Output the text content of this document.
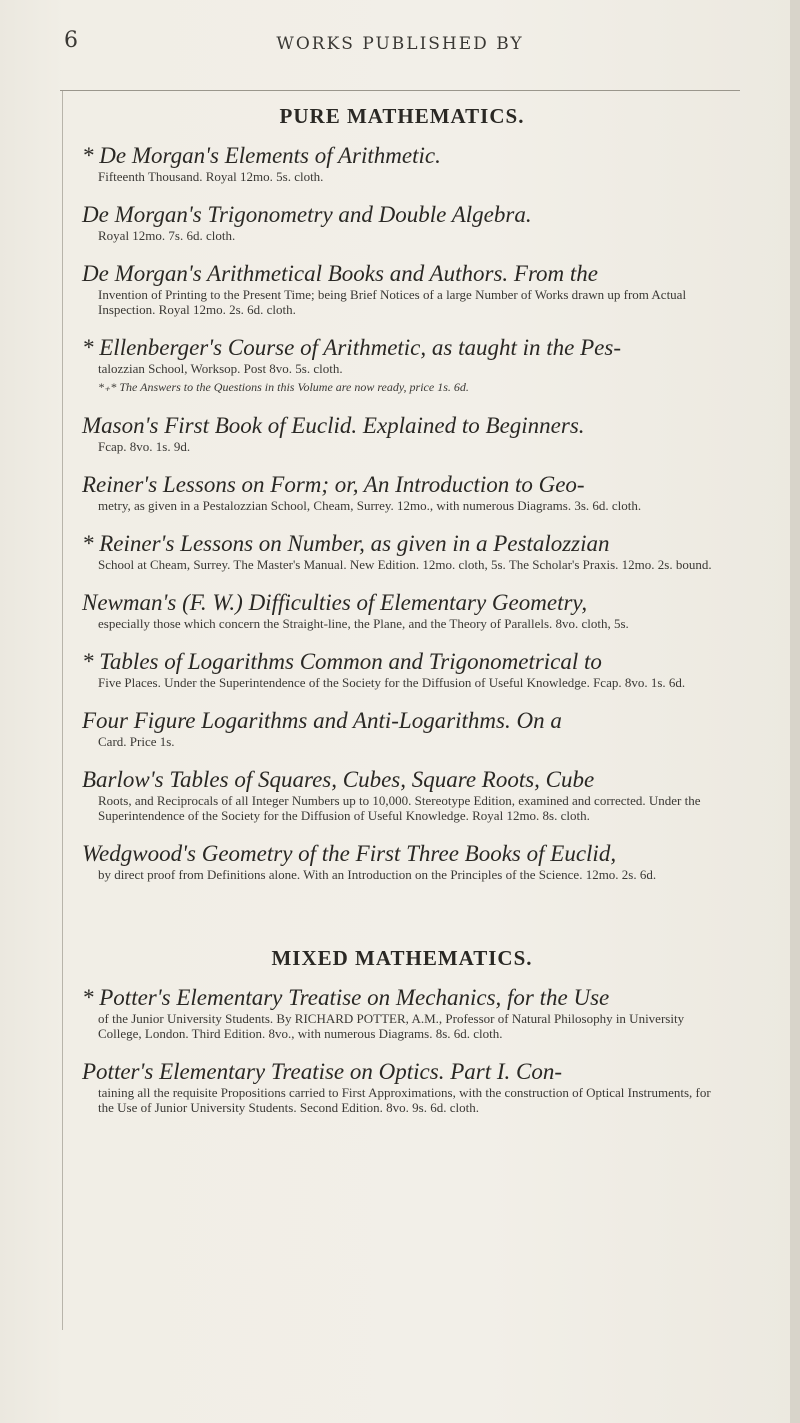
6	WORKS PUBLISHED BY
PURE MATHEMATICS.
* De Morgan's Elements of Arithmetic.
Fifteenth Thousand. Royal 12mo. 5s. cloth.
De Morgan's Trigonometry and Double Algebra.
Royal 12mo. 7s. 6d. cloth.
De Morgan's Arithmetical Books and Authors. From the
Invention of Printing to the Present Time; being Brief Notices of a large Number of Works drawn up from Actual Inspection. Royal 12mo. 2s. 6d. cloth.
* Ellenberger's Course of Arithmetic, as taught in the Pes-
talozzian School, Worksop. Post 8vo. 5s. cloth.
*₊* The Answers to the Questions in this Volume are now ready, price 1s. 6d.
Mason's First Book of Euclid. Explained to Beginners.
Fcap. 8vo. 1s. 9d.
Reiner's Lessons on Form; or, An Introduction to Geo-
metry, as given in a Pestalozzian School, Cheam, Surrey. 12mo., with numerous Diagrams. 3s. 6d. cloth.
* Reiner's Lessons on Number, as given in a Pestalozzian
School at Cheam, Surrey. The Master's Manual. New Edition. 12mo. cloth, 5s. The Scholar's Praxis. 12mo. 2s. bound.
Newman's (F. W.) Difficulties of Elementary Geometry,
especially those which concern the Straight-line, the Plane, and the Theory of Parallels. 8vo. cloth, 5s.
* Tables of Logarithms Common and Trigonometrical to
Five Places. Under the Superintendence of the Society for the Diffusion of Useful Knowledge. Fcap. 8vo. 1s. 6d.
Four Figure Logarithms and Anti-Logarithms. On a
Card. Price 1s.
Barlow's Tables of Squares, Cubes, Square Roots, Cube
Roots, and Reciprocals of all Integer Numbers up to 10,000. Stereotype Edition, examined and corrected. Under the Superintendence of the Society for the Diffusion of Useful Knowledge. Royal 12mo. 8s. cloth.
Wedgwood's Geometry of the First Three Books of Euclid,
by direct proof from Definitions alone. With an Introduction on the Principles of the Science. 12mo. 2s. 6d.
MIXED MATHEMATICS.
* Potter's Elementary Treatise on Mechanics, for the Use
of the Junior University Students. By RICHARD POTTER, A.M., Professor of Natural Philosophy in University College, London. Third Edition. 8vo., with numerous Diagrams. 8s. 6d. cloth.
Potter's Elementary Treatise on Optics. Part I. Con-
taining all the requisite Propositions carried to First Approximations, with the construction of Optical Instruments, for the Use of Junior University Students. Second Edition. 8vo. 9s. 6d. cloth.
